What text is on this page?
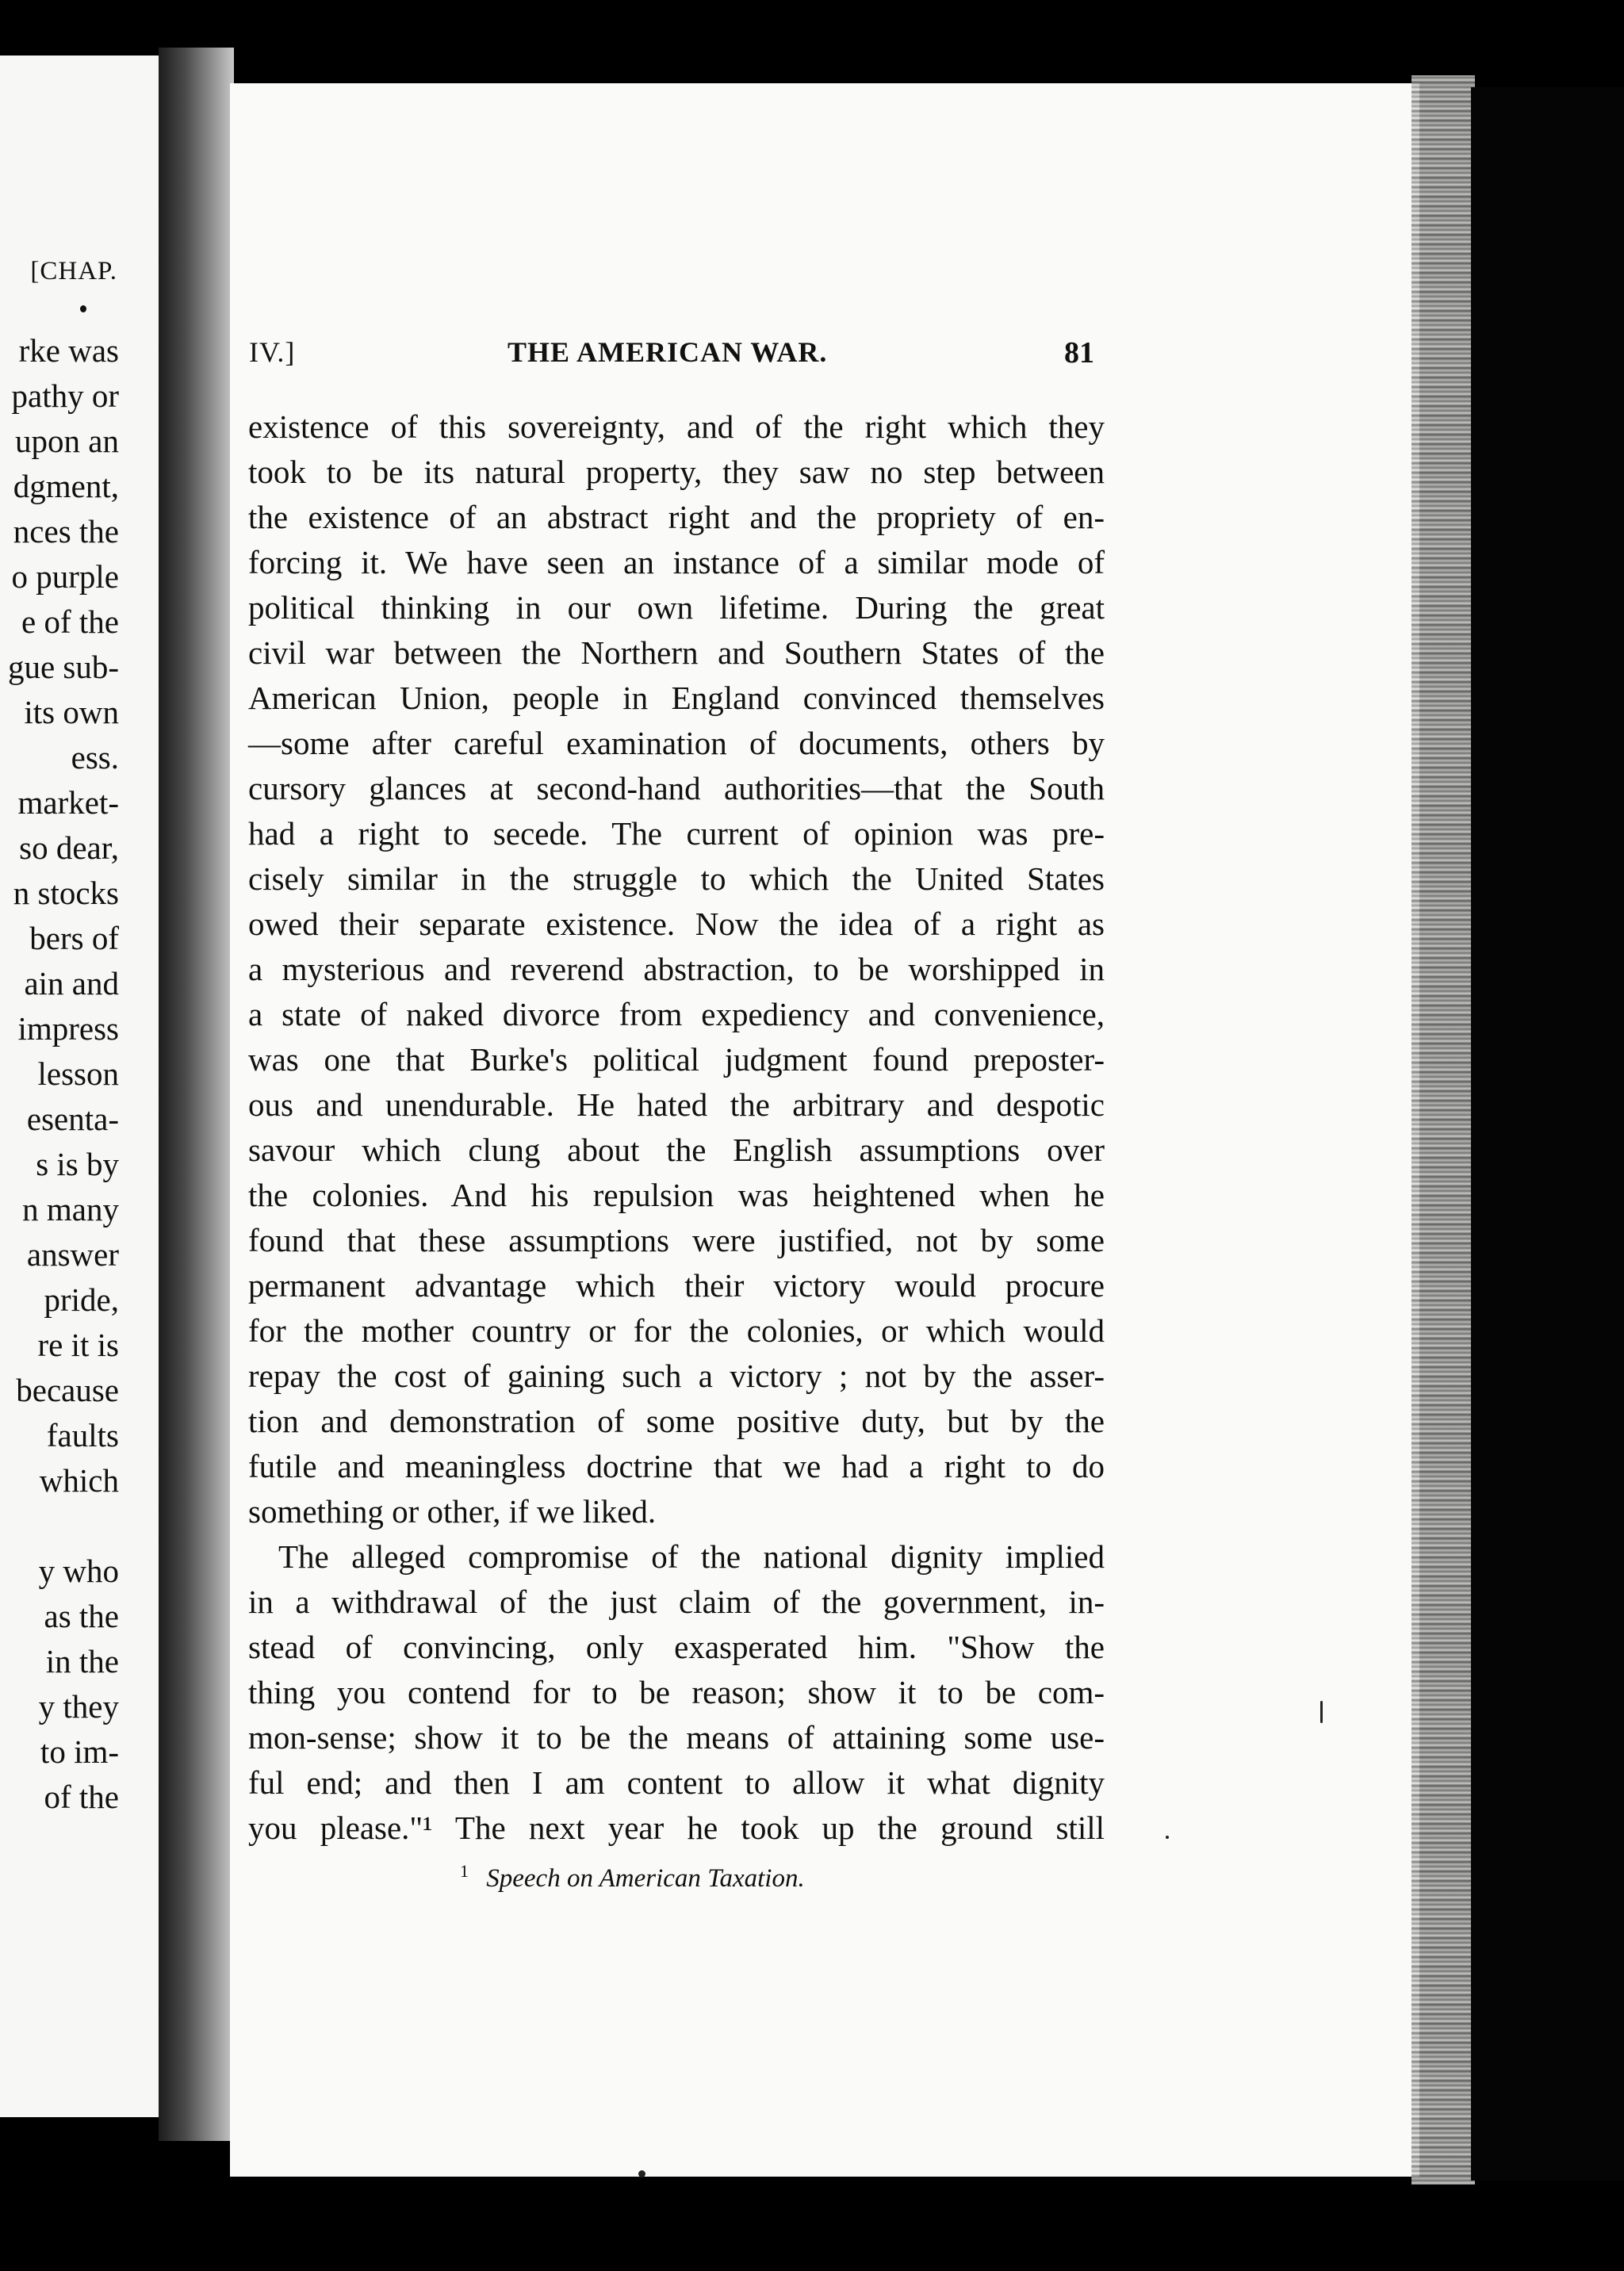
[CHAP.
rke was
pathy or
upon an
dgment,
nces the
o purple
e of the
gue sub-
its own
ess.
market-
so dear,
n stocks
bers of
ain and
impress
lesson
esenta-
s is by
n many
answer
pride,
re it is
because
faults
which
y who
as the
in the
y they
to im-
of the
IV.]	THE AMERICAN WAR.	81
existence of this sovereignty, and of the right which they
took to be its natural property, they saw no step between
the existence of an abstract right and the propriety of en-
forcing it. We have seen an instance of a similar mode of
political thinking in our own lifetime. During the great
civil war between the Northern and Southern States of the
American Union, people in England convinced themselves
—some after careful examination of documents, others by
cursory glances at second-hand authorities—that the South
had a right to secede. The current of opinion was pre-
cisely similar in the struggle to which the United States
owed their separate existence. Now the idea of a right as
a mysterious and reverend abstraction, to be worshipped in
a state of naked divorce from expediency and convenience,
was one that Burke's political judgment found preposter-
ous and unendurable. He hated the arbitrary and despotic
savour which clung about the English assumptions over
the colonies. And his repulsion was heightened when he
found that these assumptions were justified, not by some
permanent advantage which their victory would procure
for the mother country or for the colonies, or which would
repay the cost of gaining such a victory ; not by the asser-
tion and demonstration of some positive duty, but by the
futile and meaningless doctrine that we had a right to do
something or other, if we liked.
The alleged compromise of the national dignity implied
in a withdrawal of the just claim of the government, in-
stead of convincing, only exasperated him. "Show the
thing you contend for to be reason; show it to be com-
mon-sense; show it to be the means of attaining some use-
ful end; and then I am content to allow it what dignity
you please."¹ The next year he took up the ground still
$^1$ Speech on American Taxation.
